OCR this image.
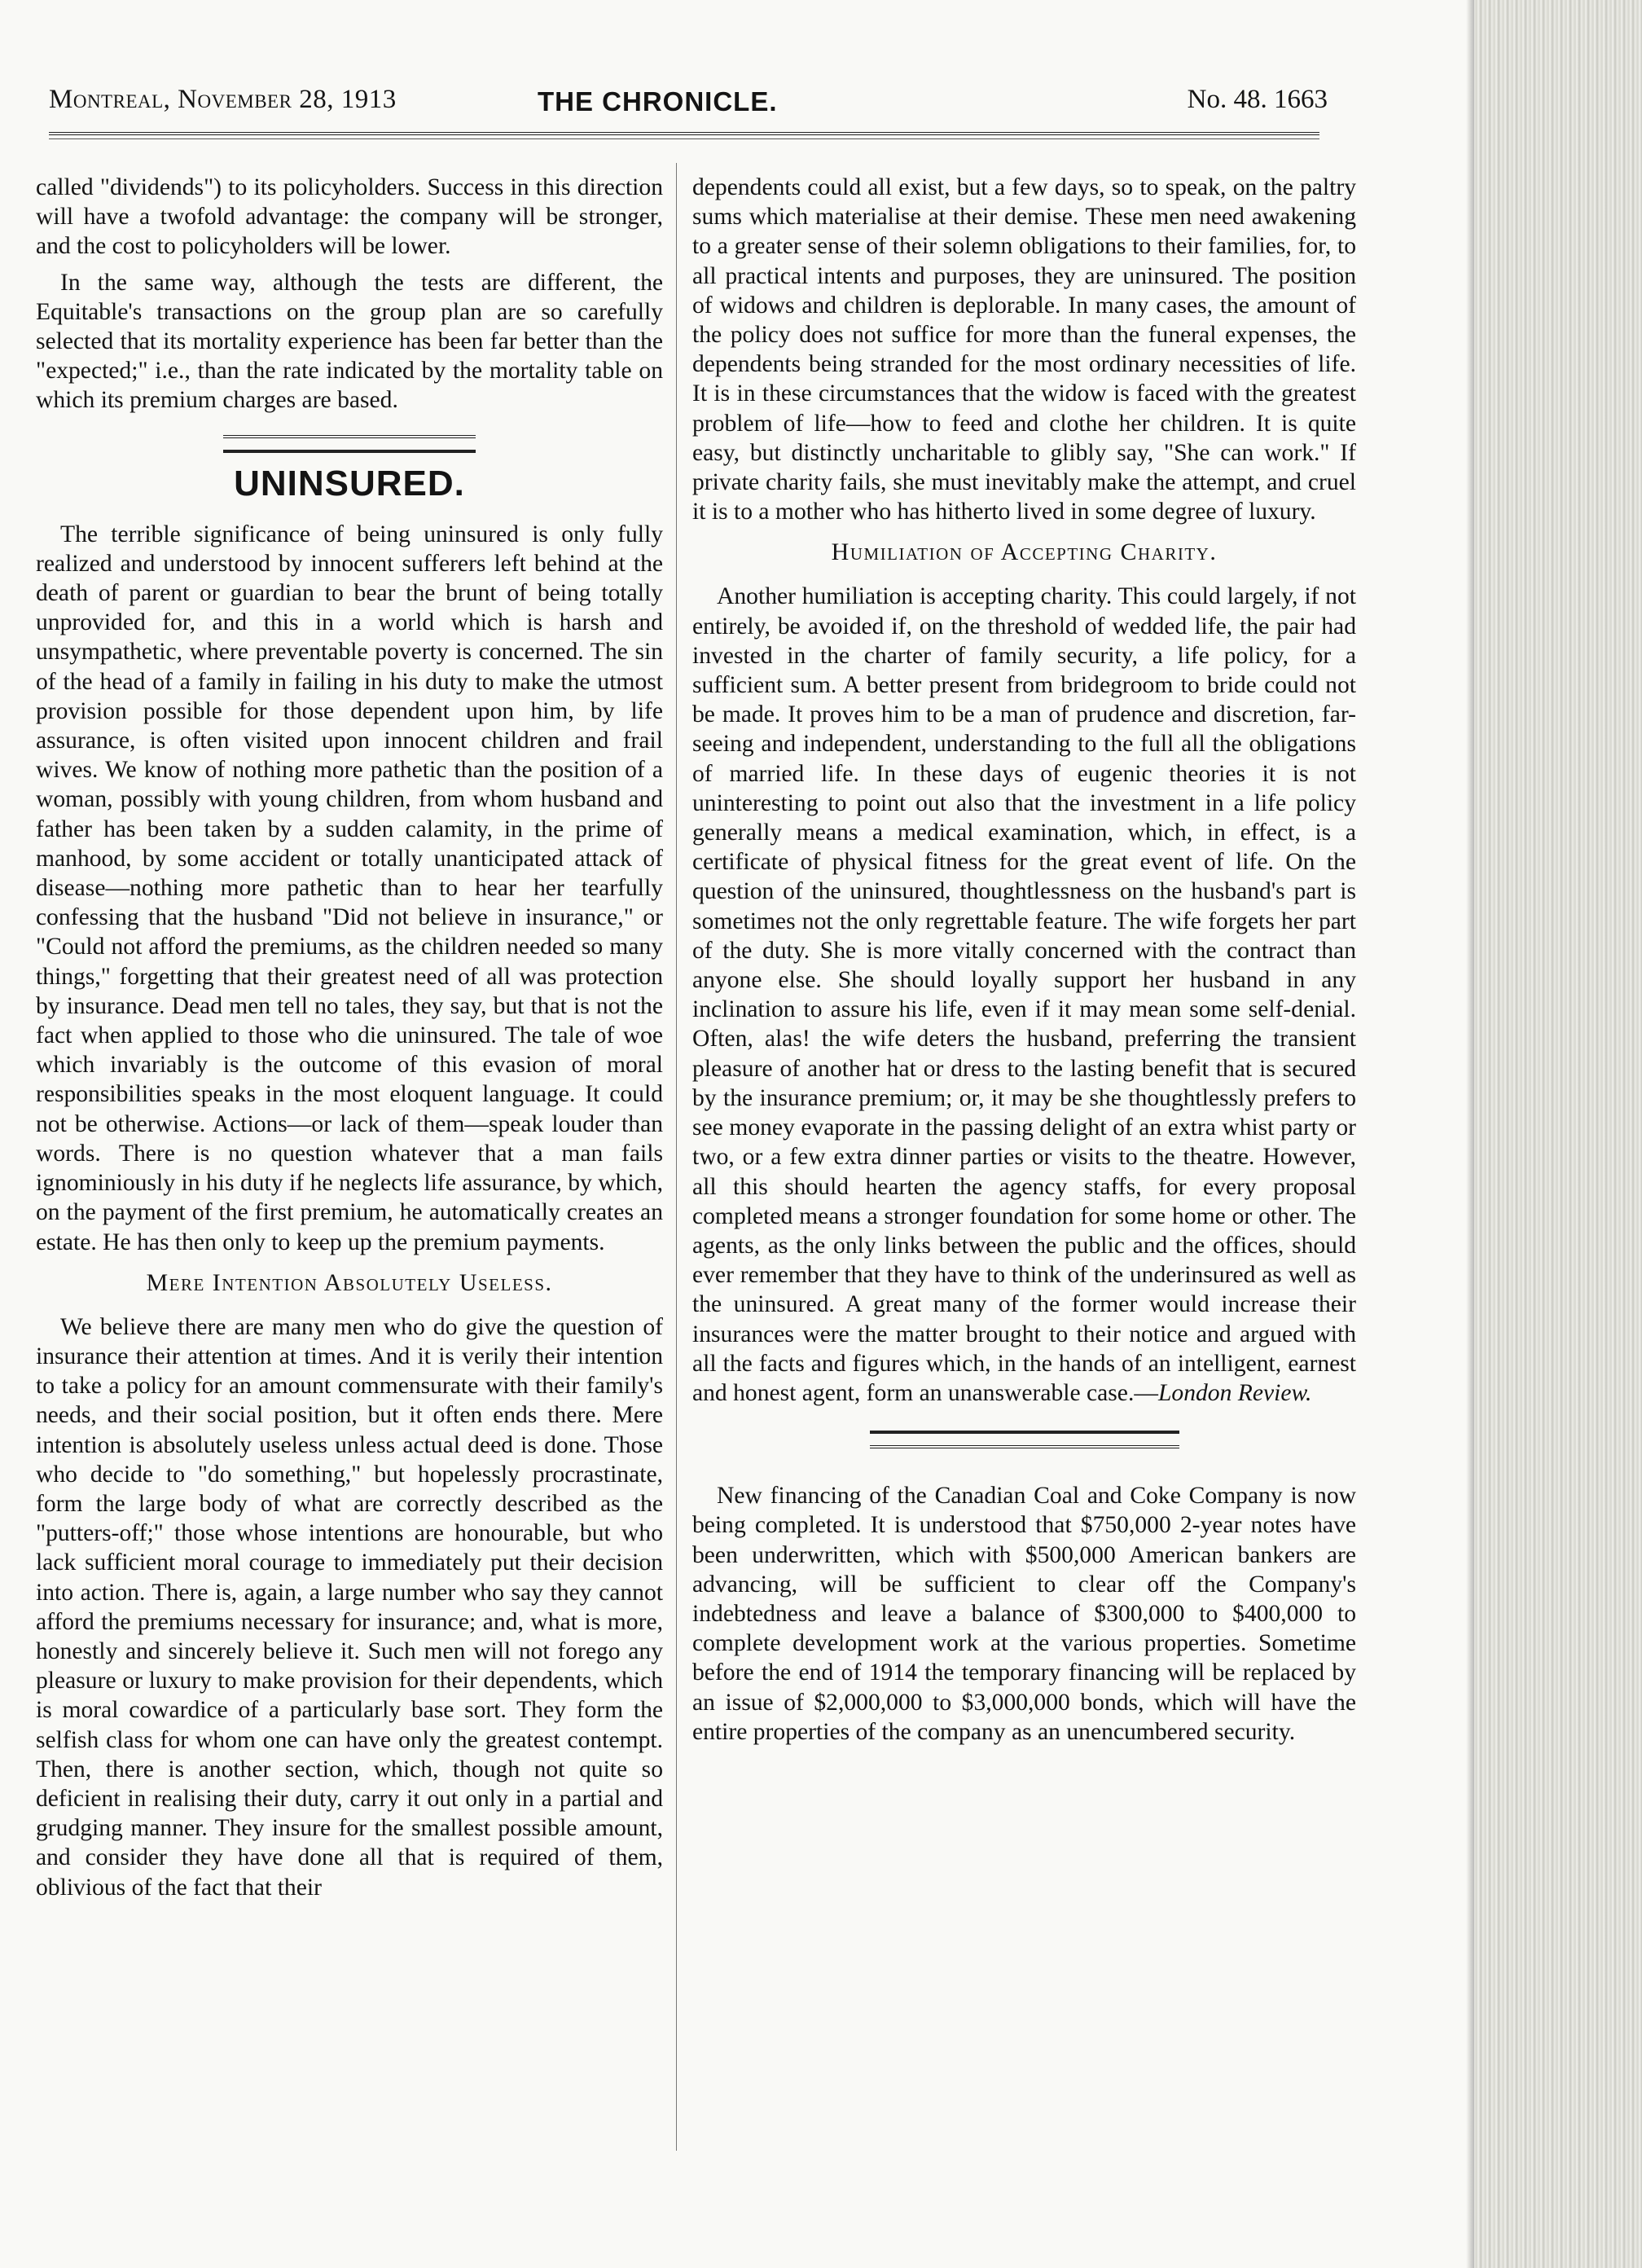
Montreal, November 28, 1913	THE CHRONICLE.	No. 48. 1663

called "dividends") to its policyholders. Success in this direction will have a twofold advantage: the company will be stronger, and the cost to policyholders will be lower.

In the same way, although the tests are different, the Equitable's transactions on the group plan are so carefully selected that its mortality experience has been far better than the "expected;" i.e., than the rate indicated by the mortality table on which its premium charges are based.

UNINSURED.

The terrible significance of being uninsured is only fully realized and understood by innocent sufferers left behind at the death of parent or guardian to bear the brunt of being totally unprovided for, and this in a world which is harsh and unsympathetic, where preventable poverty is concerned. The sin of the head of a family in failing in his duty to make the utmost provision possible for those dependent upon him, by life assurance, is often visited upon innocent children and frail wives. We know of nothing more pathetic than the position of a woman, possibly with young children, from whom husband and father has been taken by a sudden calamity, in the prime of manhood, by some accident or totally unanticipated attack of disease—nothing more pathetic than to hear her tearfully confessing that the husband "Did not believe in insurance," or "Could not afford the premiums, as the children needed so many things," forgetting that their greatest need of all was protection by insurance. Dead men tell no tales, they say, but that is not the fact when applied to those who die uninsured. The tale of woe which invariably is the outcome of this evasion of moral responsibilities speaks in the most eloquent language. It could not be otherwise. Actions—or lack of them—speak louder than words. There is no question whatever that a man fails ignominiously in his duty if he neglects life assurance, by which, on the payment of the first premium, he automatically creates an estate. He has then only to keep up the premium payments.

Mere Intention Absolutely Useless.

We believe there are many men who do give the question of insurance their attention at times. And it is verily their intention to take a policy for an amount commensurate with their family's needs, and their social position, but it often ends there. Mere intention is absolutely useless unless actual deed is done. Those who decide to "do something," but hopelessly procrastinate, form the large body of what are correctly described as the "putters-off;" those whose intentions are honourable, but who lack sufficient moral courage to immediately put their decision into action. There is, again, a large number who say they cannot afford the premiums necessary for insurance; and, what is more, honestly and sincerely believe it. Such men will not forego any pleasure or luxury to make provision for their dependents, which is moral cowardice of a particularly base sort. They form the selfish class for whom one can have only the greatest contempt. Then, there is another section, which, though not quite so deficient in realising their duty, carry it out only in a partial and grudging manner. They insure for the smallest possible amount, and consider they have done all that is required of them, oblivious of the fact that their

dependents could all exist, but a few days, so to speak, on the paltry sums which materialise at their demise. These men need awakening to a greater sense of their solemn obligations to their families, for, to all practical intents and purposes, they are uninsured. The position of widows and children is deplorable. In many cases, the amount of the policy does not suffice for more than the funeral expenses, the dependents being stranded for the most ordinary necessities of life. It is in these circumstances that the widow is faced with the greatest problem of life—how to feed and clothe her children. It is quite easy, but distinctly uncharitable to glibly say, "She can work." If private charity fails, she must inevitably make the attempt, and cruel it is to a mother who has hitherto lived in some degree of luxury.

Humiliation of Accepting Charity.

Another humiliation is accepting charity. This could largely, if not entirely, be avoided if, on the threshold of wedded life, the pair had invested in the charter of family security, a life policy, for a sufficient sum. A better present from bridegroom to bride could not be made. It proves him to be a man of prudence and discretion, far-seeing and independent, understanding to the full all the obligations of married life. In these days of eugenic theories it is not uninteresting to point out also that the investment in a life policy generally means a medical examination, which, in effect, is a certificate of physical fitness for the great event of life. On the question of the uninsured, thoughtlessness on the husband's part is sometimes not the only regrettable feature. The wife forgets her part of the duty. She is more vitally concerned with the contract than anyone else. She should loyally support her husband in any inclination to assure his life, even if it may mean some self-denial. Often, alas! the wife deters the husband, preferring the transient pleasure of another hat or dress to the lasting benefit that is secured by the insurance premium; or, it may be she thoughtlessly prefers to see money evaporate in the passing delight of an extra whist party or two, or a few extra dinner parties or visits to the theatre. However, all this should hearten the agency staffs, for every proposal completed means a stronger foundation for some home or other. The agents, as the only links between the public and the offices, should ever remember that they have to think of the underinsured as well as the uninsured. A great many of the former would increase their insurances were the matter brought to their notice and argued with all the facts and figures which, in the hands of an intelligent, earnest and honest agent, form an unanswerable case.—London Review.

New financing of the Canadian Coal and Coke Company is now being completed. It is understood that $750,000 2-year notes have been underwritten, which with $500,000 American bankers are advancing, will be sufficient to clear off the Company's indebtedness and leave a balance of $300,000 to $400,000 to complete development work at the various properties. Sometime before the end of 1914 the temporary financing will be replaced by an issue of $2,000,000 to $3,000,000 bonds, which will have the entire properties of the company as an unencumbered security.
